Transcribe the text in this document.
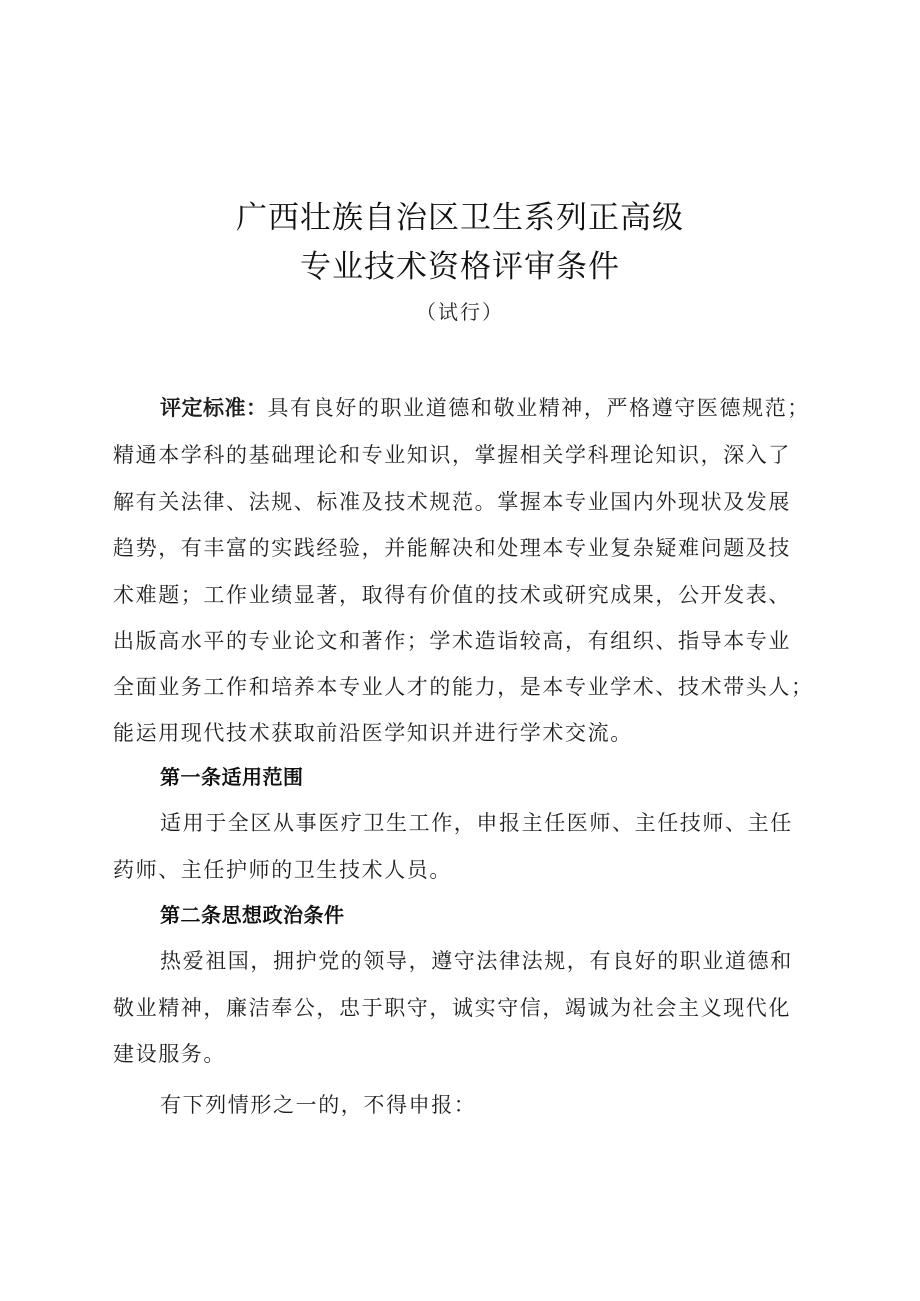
广西壮族自治区卫生系列正高级
专业技术资格评审条件
（试行）
评定标准：具有良好的职业道德和敬业精神，严格遵守医德规范；
精通本学科的基础理论和专业知识，掌握相关学科理论知识，深入了
解有关法律、法规、标准及技术规范。掌握本专业国内外现状及发展
趋势，有丰富的实践经验，并能解决和处理本专业复杂疑难问题及技
术难题；工作业绩显著，取得有价值的技术或研究成果，公开发表、
出版高水平的专业论文和著作；学术造诣较高，有组织、指导本专业
全面业务工作和培养本专业人才的能力，是本专业学术、技术带头人；
能运用现代技术获取前沿医学知识并进行学术交流。
第一条适用范围
适用于全区从事医疗卫生工作，申报主任医师、主任技师、主任
药师、主任护师的卫生技术人员。
第二条思想政治条件
热爱祖国，拥护党的领导，遵守法律法规，有良好的职业道德和
敬业精神，廉洁奉公，忠于职守，诚实守信，竭诚为社会主义现代化
建设服务。
有下列情形之一的，不得申报：
